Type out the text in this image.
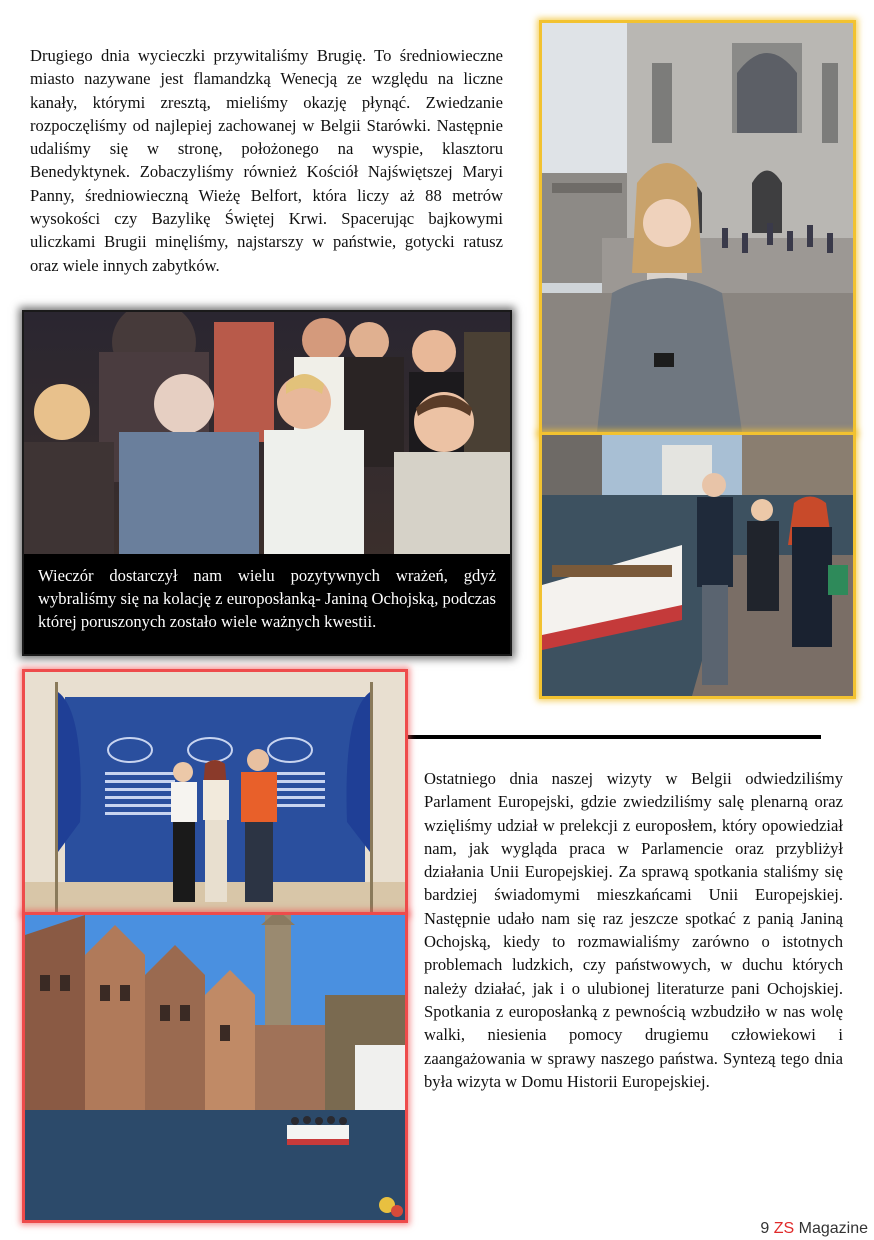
Drugiego dnia wycieczki przywitaliśmy Brugię. To średniowieczne miasto nazywane jest flamandzką Wenecją ze względu na liczne kanały, którymi zresztą, mieliśmy okazję płynąć. Zwiedzanie rozpoczęliśmy od najlepiej zachowanej w Belgii Starówki. Następnie udaliśmy się w stronę, położonego na wyspie, klasztoru Benedyktynek. Zobaczyliśmy również Kościół Najświętszej Maryi Panny, średniowieczną Wieżę Belfort, która liczy aż 88 metrów wysokości czy Bazylikę Świętej Krwi. Spacerując bajkowymi uliczkami Brugii minęliśmy, najstarszy w państwie, gotycki ratusz oraz wiele innych zabytków.

Wieczór dostarczył nam wielu pozytywnych wrażeń, gdyż wybraliśmy się na kolację z europosłanką- Janiną Ochojską, podczas której poruszonych zostało wiele ważnych kwestii.

Ostatniego dnia naszej wizyty w Belgii odwiedziliśmy Parlament Europejski, gdzie zwiedziliśmy salę plenarną oraz wzięliśmy udział w prelekcji z europosłem, który opowiedział nam, jak wygląda praca w Parlamencie oraz przybliżył działania Unii Europejskiej. Za sprawą spotkania staliśmy się bardziej świadomymi mieszkańcami Unii Europejskiej. Następnie udało nam się raz jeszcze spotkać z panią Janiną Ochojską, kiedy to rozmawialiśmy zarówno o istotnych problemach ludzkich, czy państwowych, w duchu których należy działać, jak i o ulubionej literaturze pani Ochojskiej. Spotkania z europosłanką z pewnością wzbudziło w nas wolę walki, niesienia pomocy drugiemu człowiekowi i zaangażowania w sprawy naszego państwa. Syntezą tego dnia była wizyta w Domu Historii Europejskiej.

9 ZS Magazine
